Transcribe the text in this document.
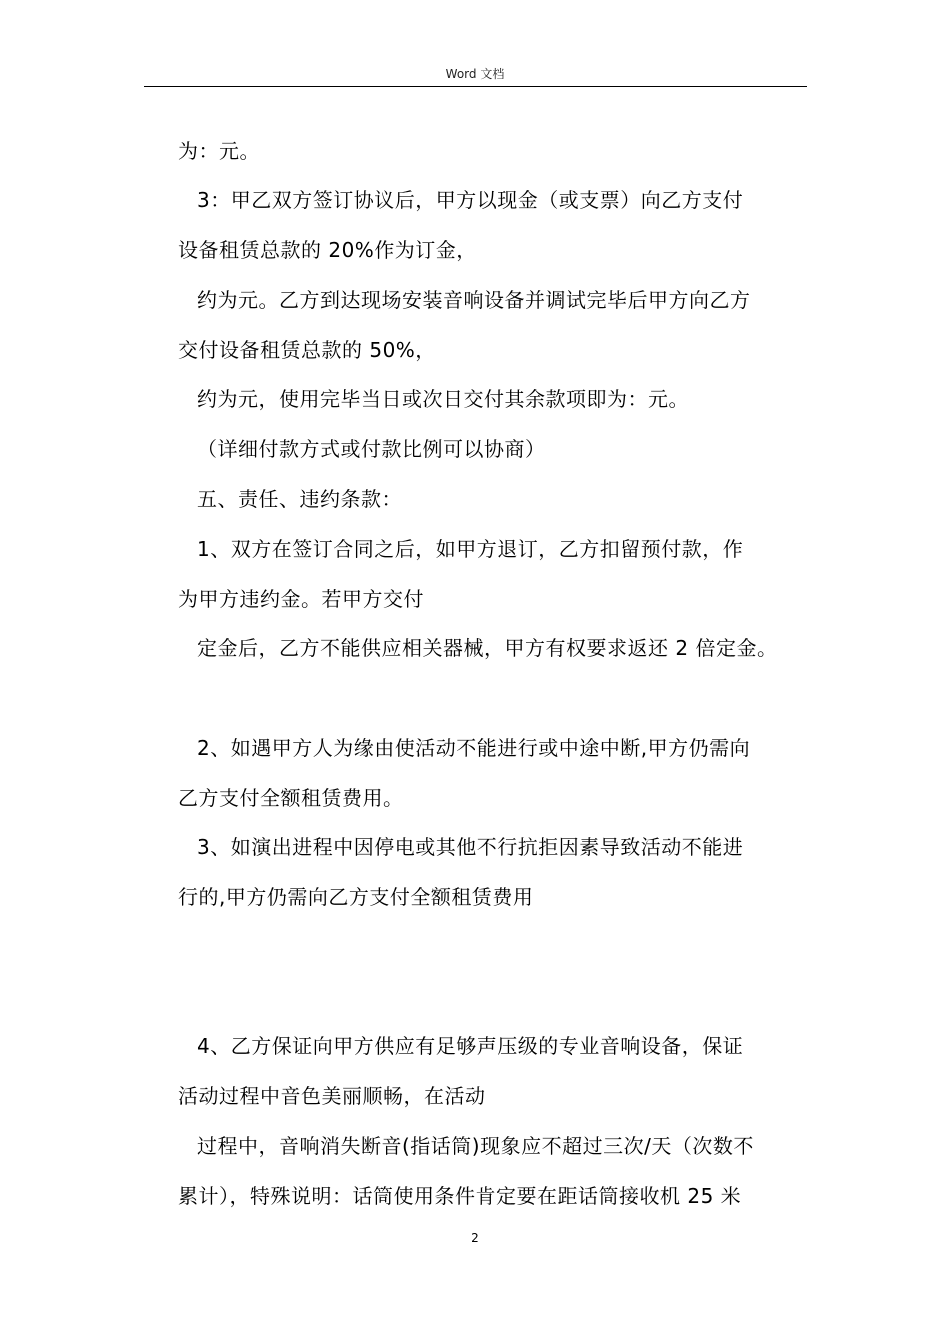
Word 文档
为：元。
3：甲乙双方签订协议后，甲方以现金（或支票）向乙方支付
设备租赁总款的 20%作为订金，
约为元。乙方到达现场安装音响设备并调试完毕后甲方向乙方
交付设备租赁总款的 50%，
约为元，使用完毕当日或次日交付其余款项即为：元。
（详细付款方式或付款比例可以协商）
五、责任、违约条款：
1、双方在签订合同之后，如甲方退订，乙方扣留预付款，作
为甲方违约金。若甲方交付
定金后，乙方不能供应相关器械，甲方有权要求返还 2 倍定金。
2、如遇甲方人为缘由使活动不能进行或中途中断,甲方仍需向
乙方支付全额租赁费用。
3、如演出进程中因停电或其他不行抗拒因素导致活动不能进
行的,甲方仍需向乙方支付全额租赁费用
4、乙方保证向甲方供应有足够声压级的专业音响设备，保证
活动过程中音色美丽顺畅，在活动
过程中，音响消失断音(指话筒)现象应不超过三次/天（次数不
累计），特殊说明：话筒使用条件肯定要在距话筒接收机 25 米
2
